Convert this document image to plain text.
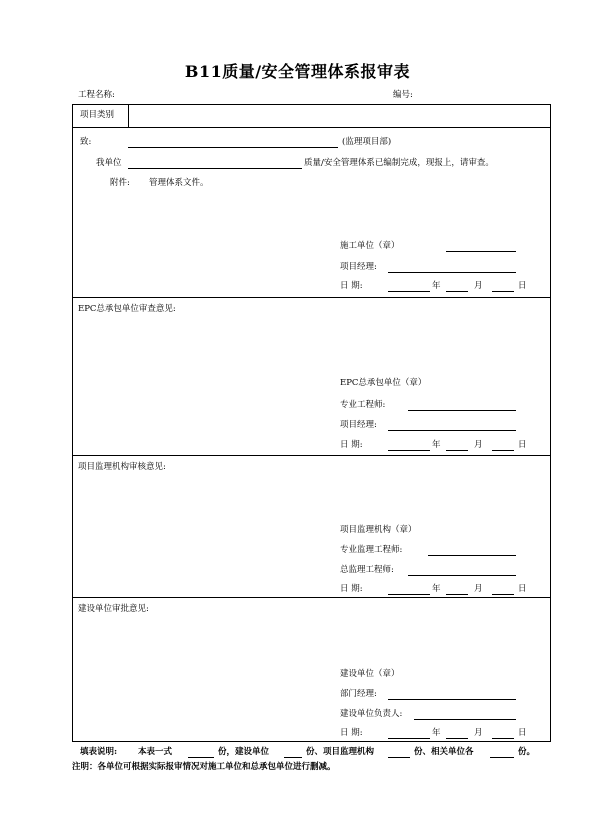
B11质量/安全管理体系报审表
工程名称:	编号:
项目类别
致:	(监理项目部)
我单位	质量/安全管理体系已编制完成，现报上，请审查。
附件: 管理体系文件。
施工单位（章）
项目经理:
日 期:	年	月	日
EPC总承包单位审查意见:
EPC总承包单位（章）
专业工程师:
项目经理:
日 期:	年	月	日
项目监理机构审核意见:
项目监理机构（章）
专业监理工程师:
总监理工程师:
日 期:	年	月	日
建设单位审批意见:
建设单位（章）
部门经理:
建设单位负责人:
日 期:	年	月	日
填表说明: 本表一式	份，建设单位	份、项目监理机构	份、相关单位各	份。
注明：各单位可根据实际报审情况对施工单位和总承包单位进行删减。
